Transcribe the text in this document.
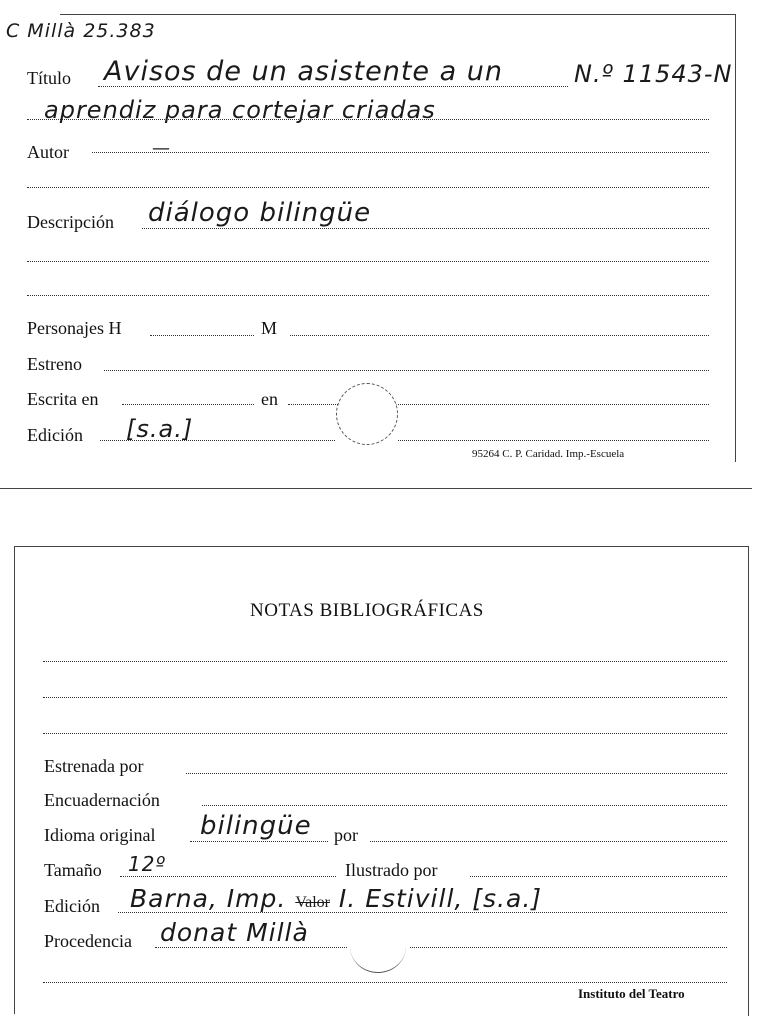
C Millà 25.383
Título Avisos de un asistente a un	N.º 11543-N
aprendiz para cortejar criadas
Autor	—
Descripción diálogo bilingüe
Personajes H	M
Estreno
Escrita en	en
Edición [s.a.]
95264 C. P. Caridad. Imp.-Escuela
NOTAS BIBLIOGRÁFICAS
Estrenada por
Encuadernación
Idioma original bilingüe por
Tamaño 12º	Ilustrado por
Edición Barna, Imp. Valor I. Estivill, [s.a.]
Procedencia donat Millà
Instituto del Teatro
